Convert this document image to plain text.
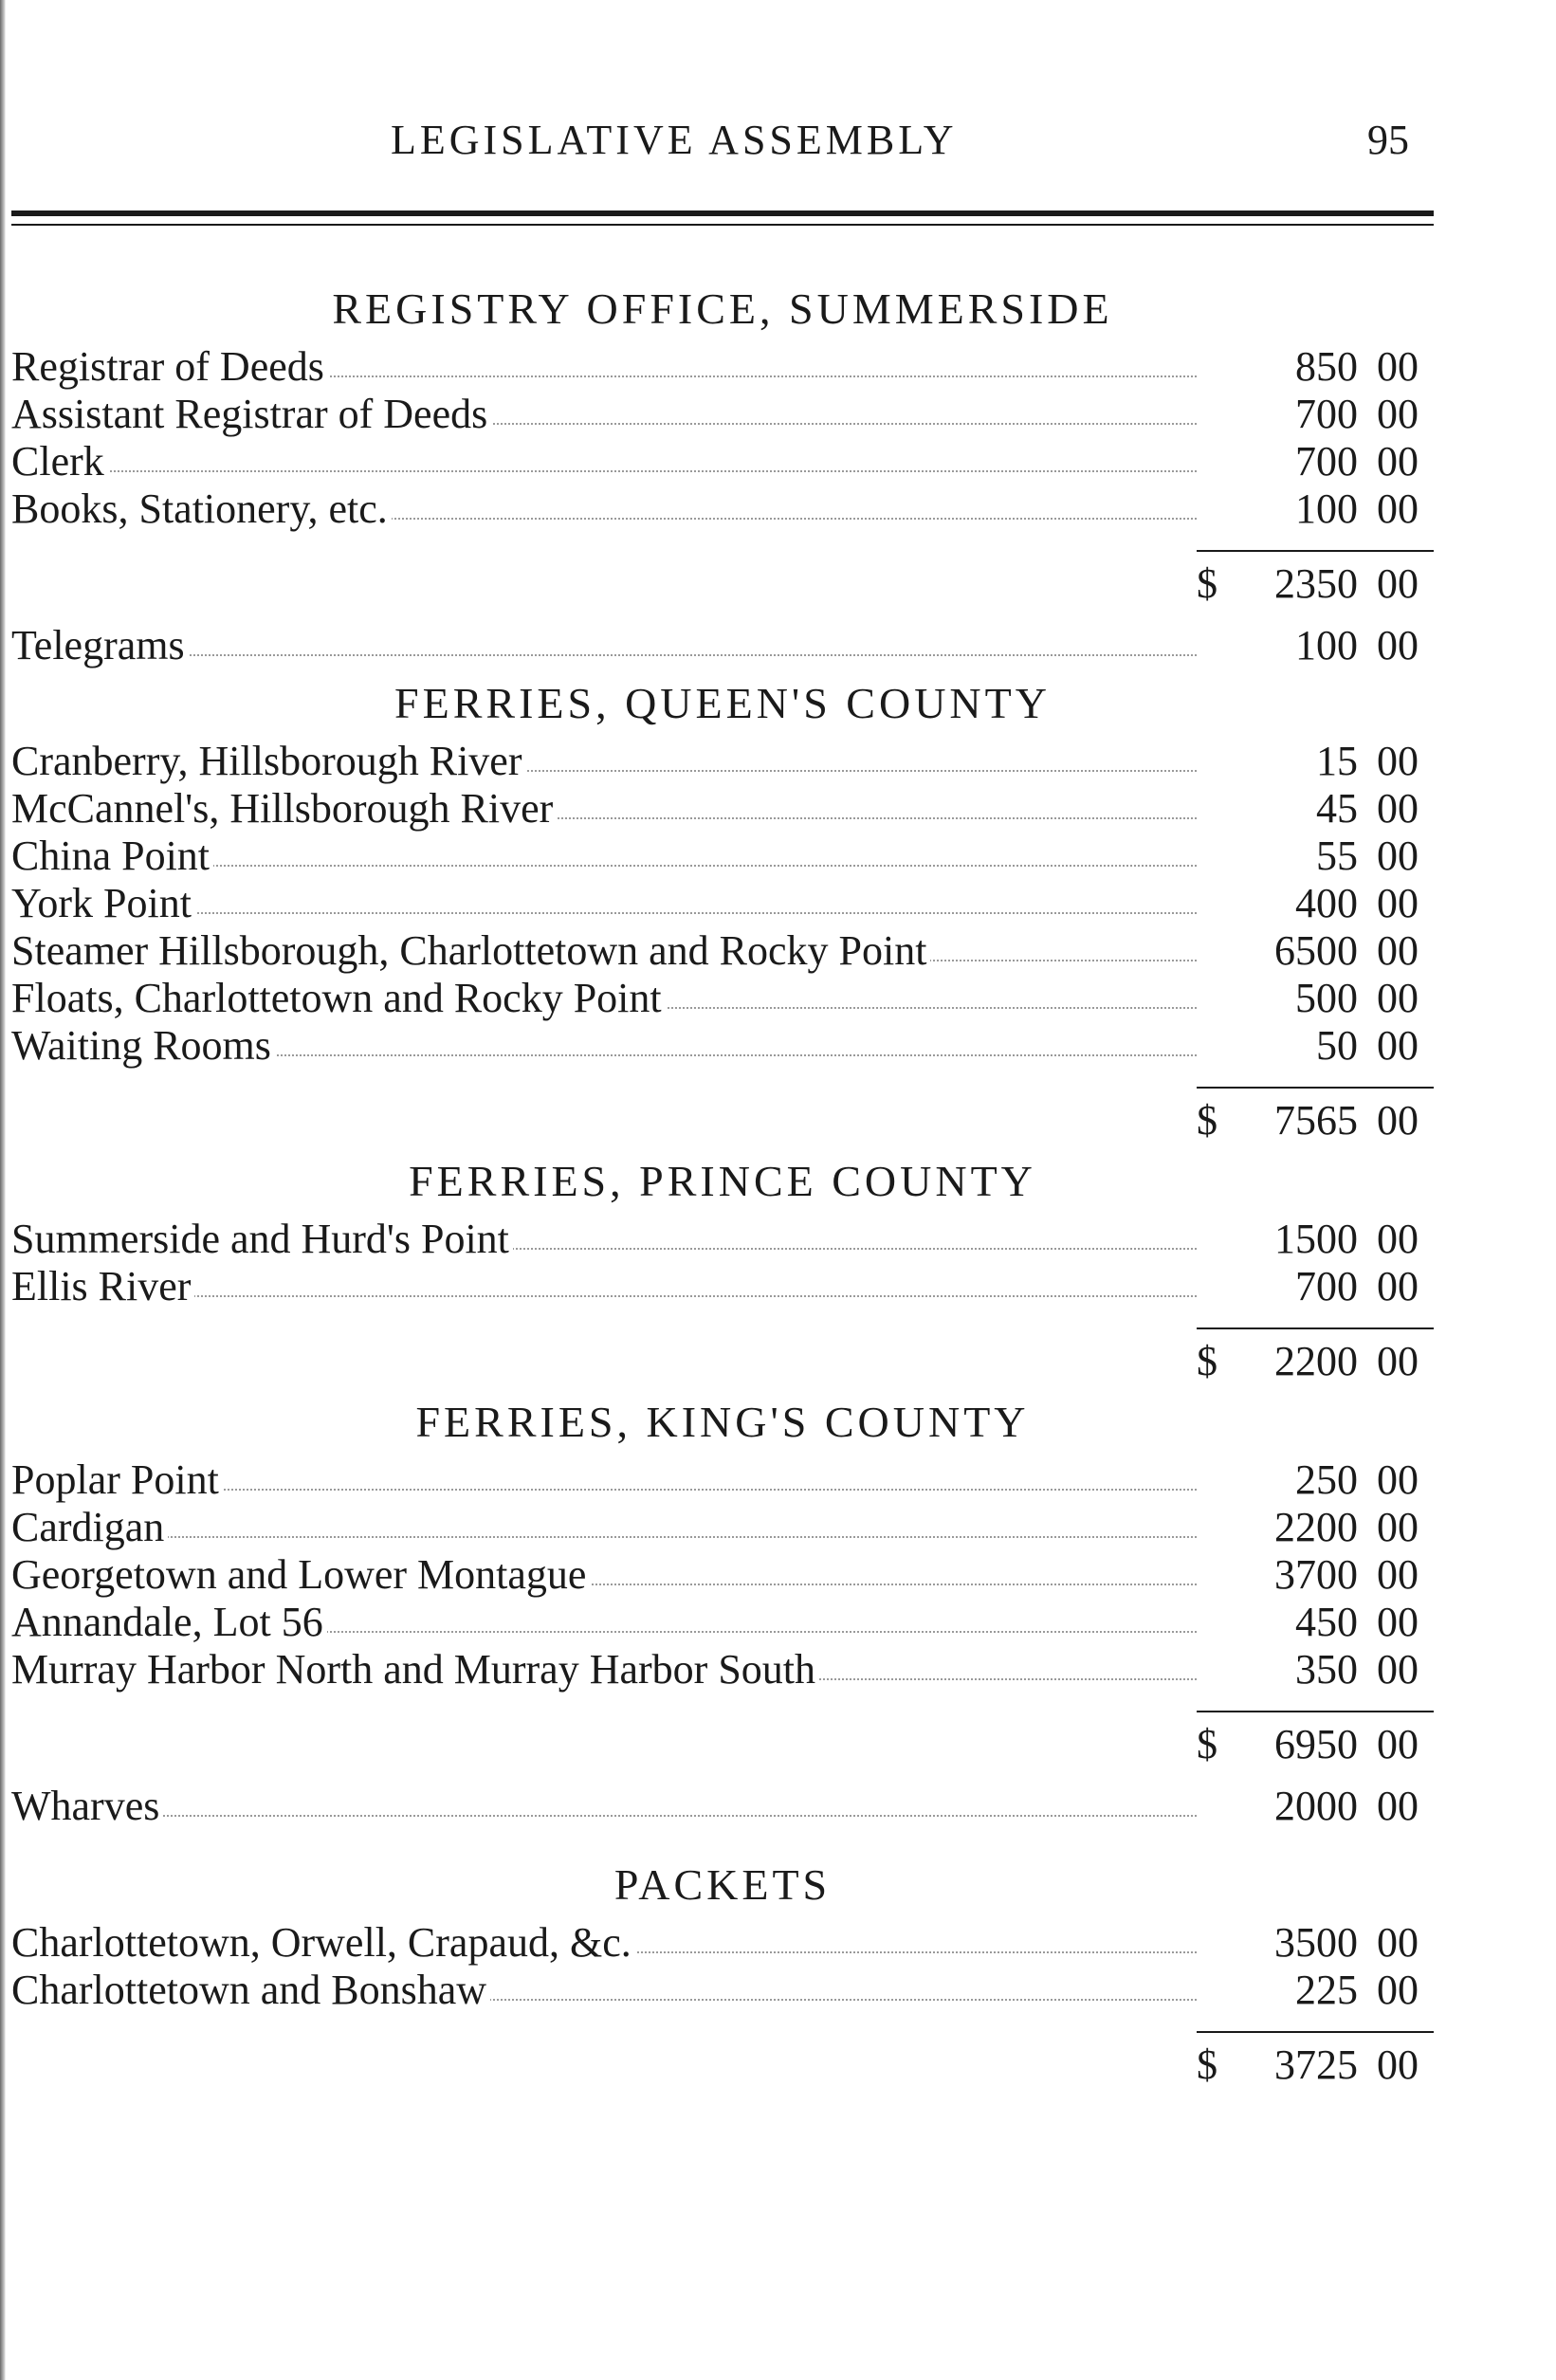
LEGISLATIVE ASSEMBLY	95
REGISTRY OFFICE, SUMMERSIDE
Registrar of Deeds	850 00
Assistant Registrar of Deeds	700 00
Clerk	700 00
Books, Stationery, etc.	100 00
$	2350 00
Telegrams	100 00
FERRIES, QUEEN'S COUNTY
Cranberry, Hillsborough River	15 00
McCannel's, Hillsborough River	45 00
China Point	55 00
York Point	400 00
Steamer Hillsborough, Charlottetown and Rocky Point	6500 00
Floats, Charlottetown and Rocky Point	500 00
Waiting Rooms	50 00
$	7565 00
FERRIES, PRINCE COUNTY
Summerside and Hurd's Point	1500 00
Ellis River	700 00
$	2200 00
FERRIES, KING'S COUNTY
Poplar Point	250 00
Cardigan	2200 00
Georgetown and Lower Montague	3700 00
Annandale, Lot 56	450 00
Murray Harbor North and Murray Harbor South	350 00
$	6950 00
Wharves	2000 00
PACKETS
Charlottetown, Orwell, Crapaud, &c.	3500 00
Charlottetown and Bonshaw	225 00
$	3725 00
